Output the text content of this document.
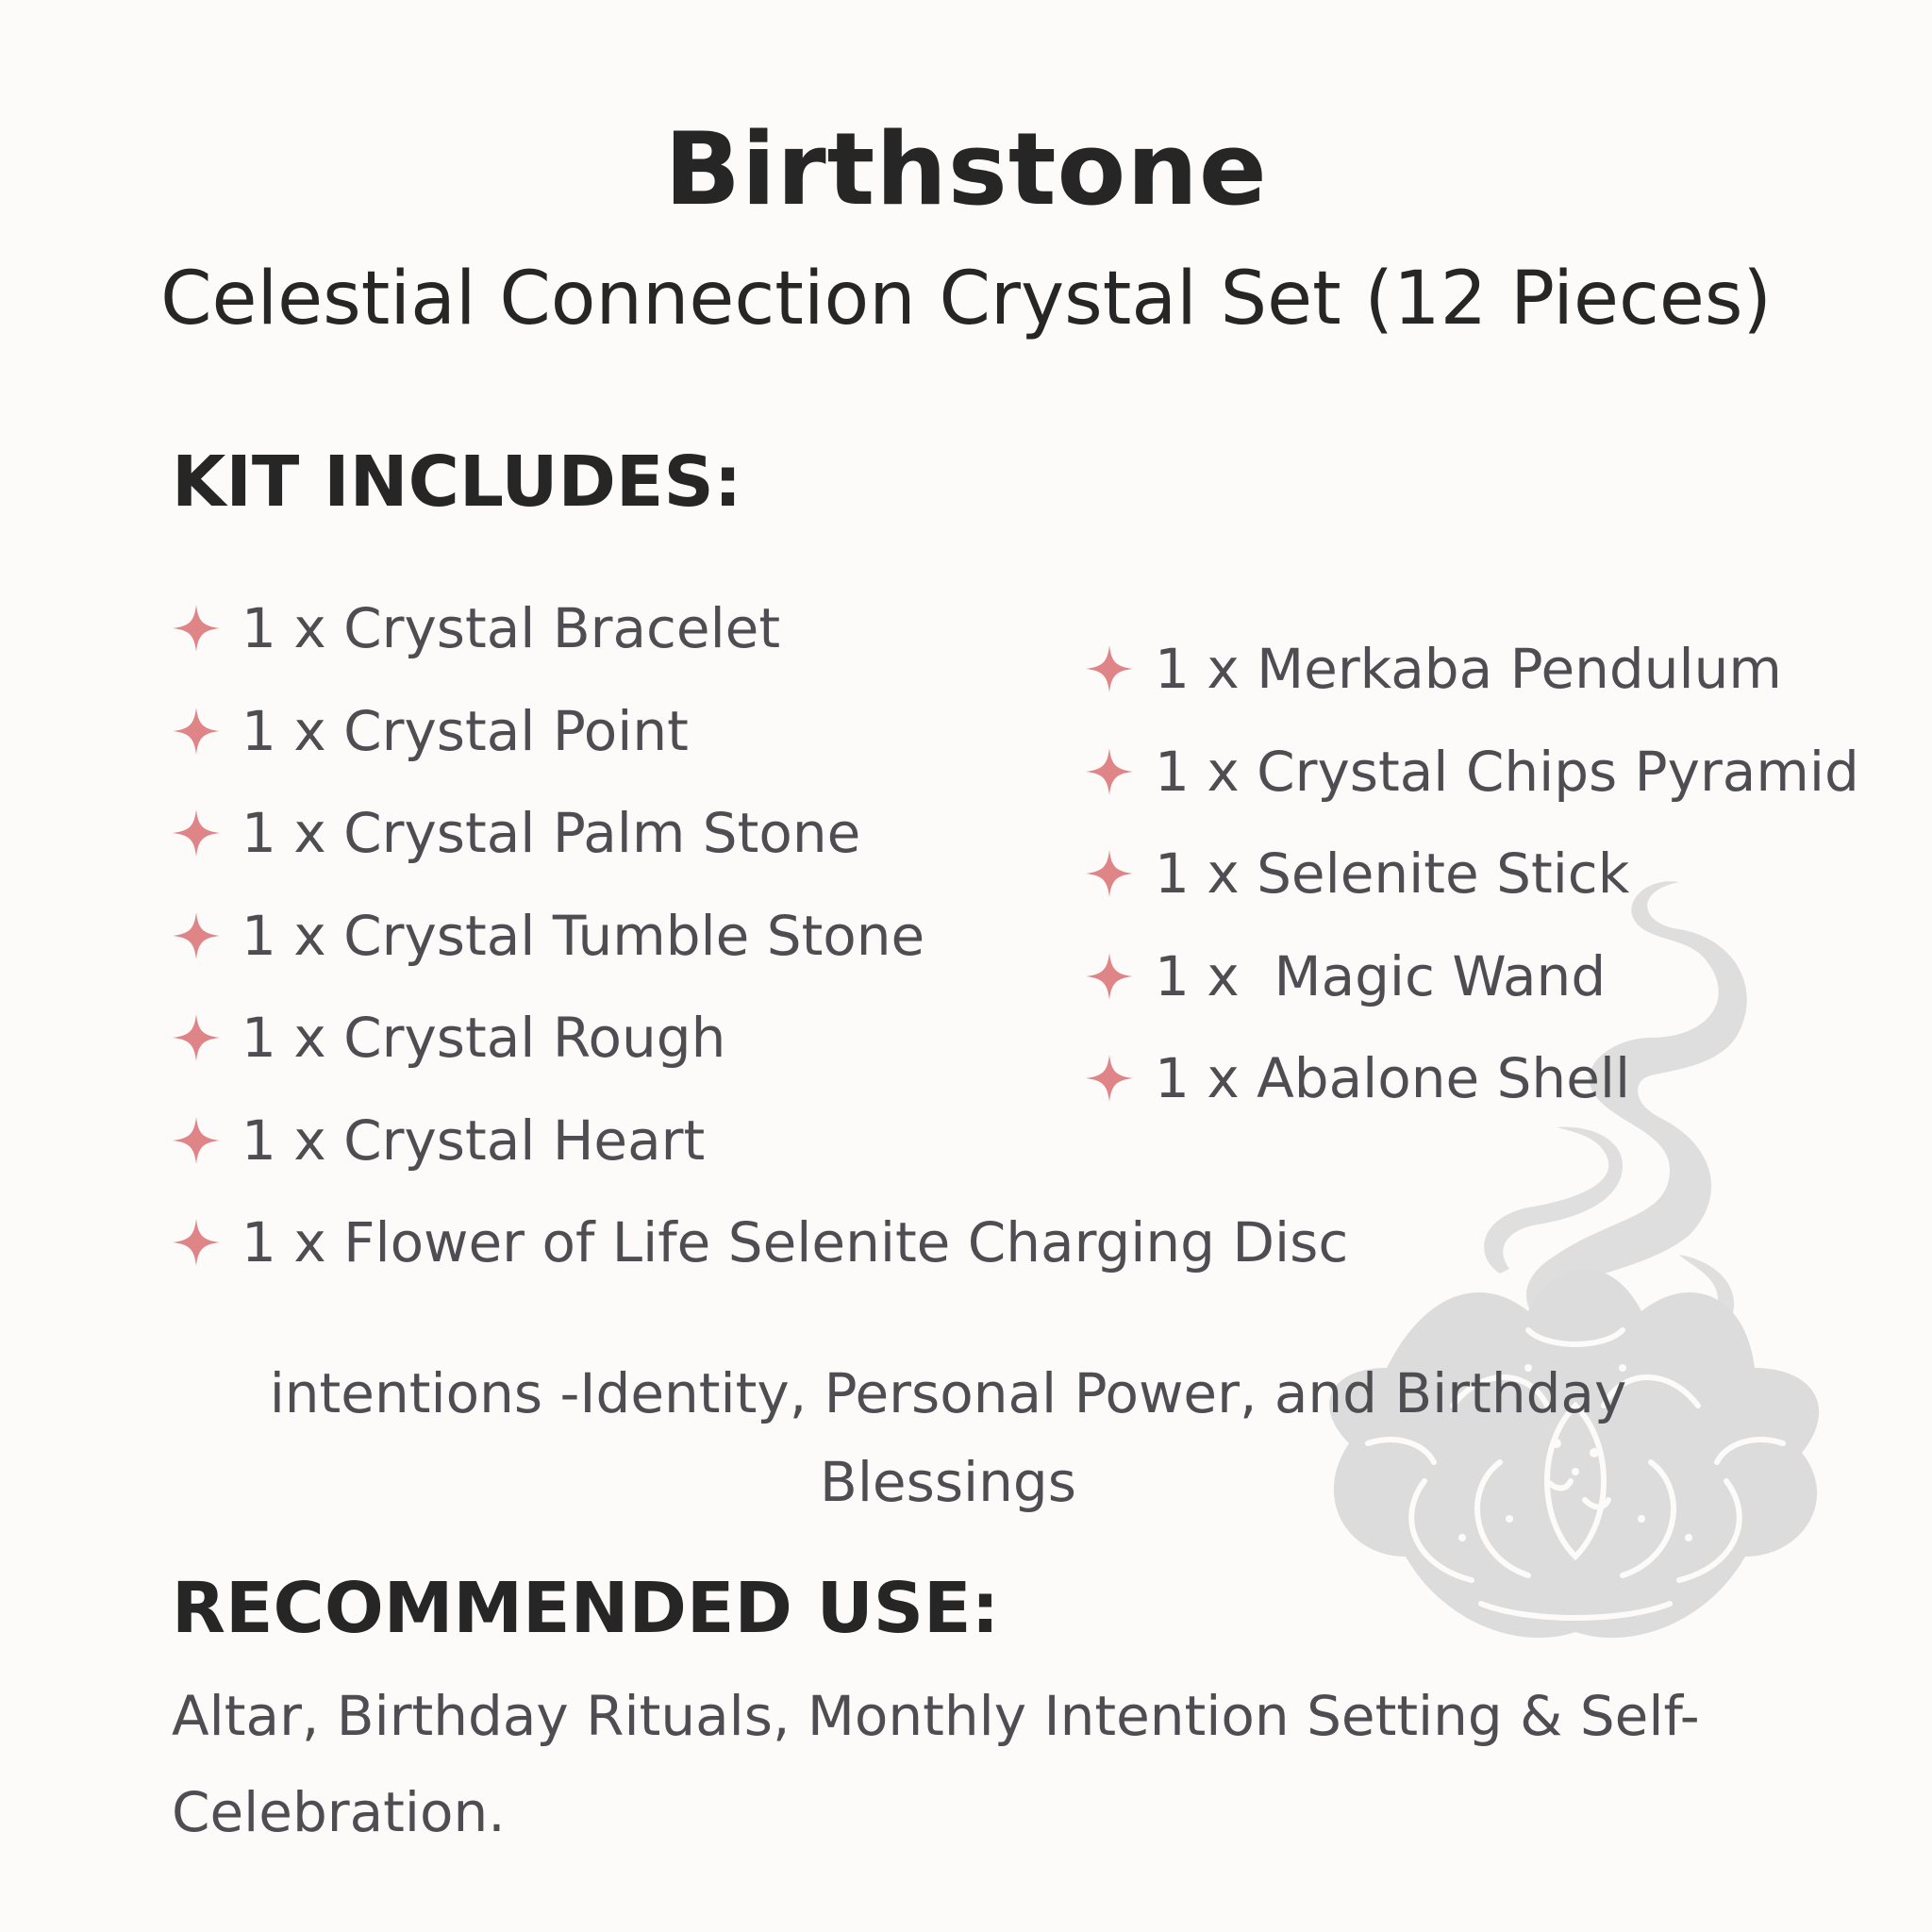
Birthstone
Celestial Connection Crystal Set (12 Pieces)
KIT INCLUDES:
1 x Crystal Bracelet
1 x Crystal Point
1 x Crystal Palm Stone
1 x Crystal Tumble Stone
1 x Crystal Rough
1 x Crystal Heart
1 x Flower of Life Selenite Charging Disc
1 x Merkaba Pendulum
1 x Crystal Chips Pyramid
1 x Selenite Stick
1 x  Magic Wand
1 x Abalone Shell
intentions -Identity, Personal Power, and Birthday Blessings
RECOMMENDED USE:
Altar, Birthday Rituals, Monthly Intention Setting & Self-Celebration.
